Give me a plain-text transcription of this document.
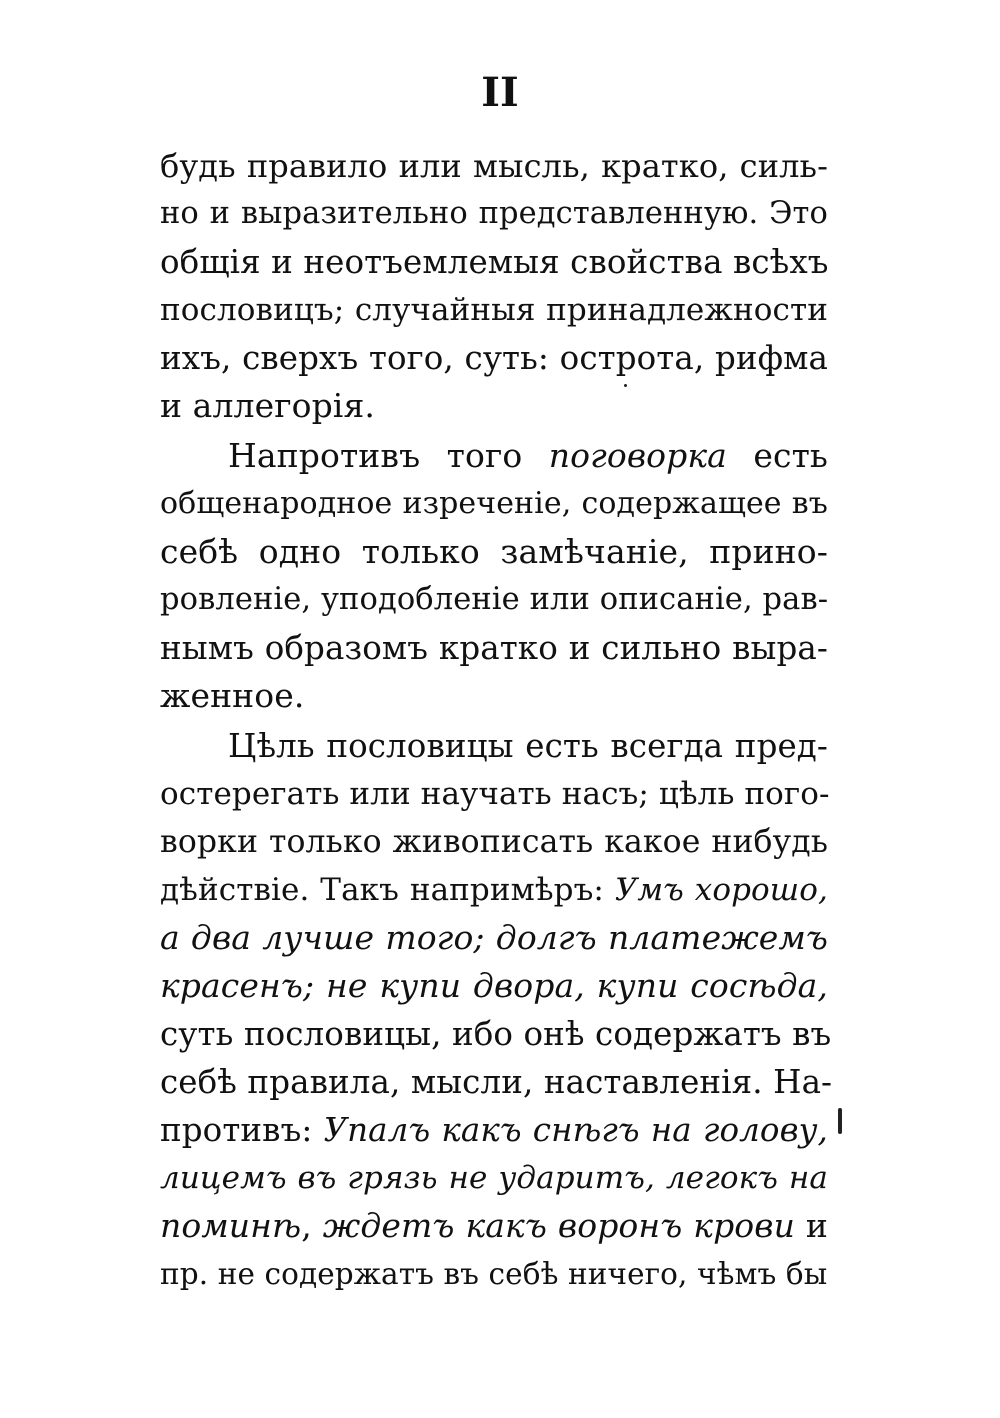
II
будь правило или мысль, кратко, силь-
но и выразительно представленную. Это
общія и неотъемлемыя свойства всѣхъ
пословицъ; случайныя принадлежности
ихъ, сверхъ того, суть: острота, рифма
и аллегорія.
Напротивъ того поговорка есть
общенародное изреченіе, содержащее въ
себѣ одно только замѣчаніе, прино-
ровленіе, уподобленіе или описаніе, рав-
нымъ образомъ кратко и сильно выра-
женное.
Цѣль пословицы есть всегда пред-
остерегать или научать насъ; цѣль пого-
ворки только живописать какое нибудь
дѣйствіе. Такъ напримѣръ: Умъ хорошо,
а два лучше того; долгъ платежемъ
красенъ; не купи двора, купи сосѣда,
суть пословицы, ибо онѣ содержатъ въ
себѣ правила, мысли, наставленія. На-
противъ: Упалъ какъ снѣгъ на голову,
лицемъ въ грязь не ударитъ, легокъ на
поминѣ, ждетъ какъ воронъ крови и
пр. не содержатъ въ себѣ ничего, чѣмъ бы
